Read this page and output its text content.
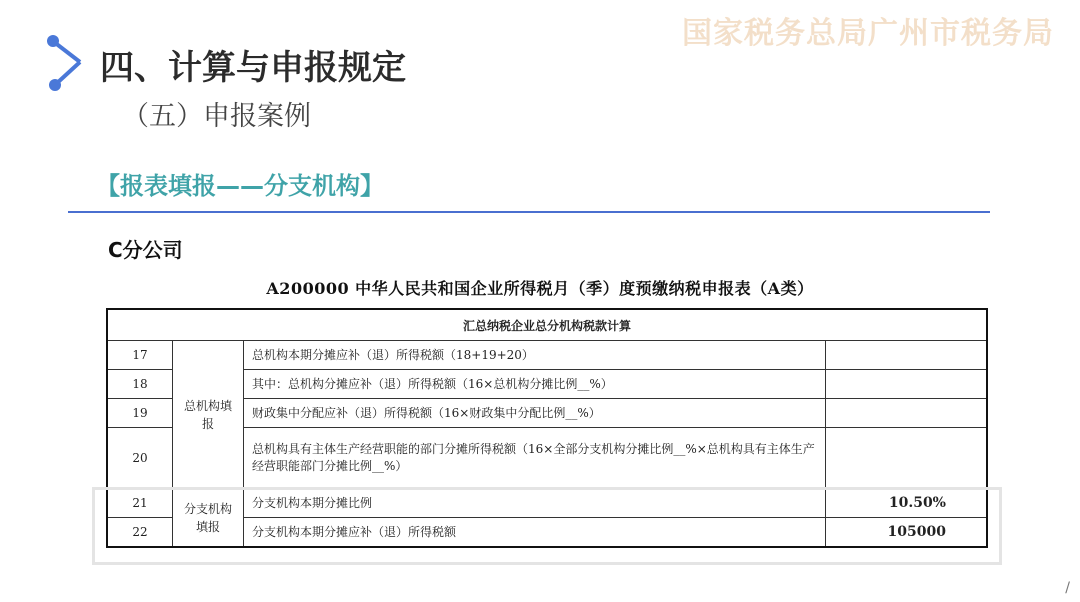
国家税务总局广州市税务局
四、计算与申报规定
（五）申报案例
【报表填报——分支机构】
C分公司
A200000 中华人民共和国企业所得税月（季）度预缴纳税申报表（A类）
汇总纳税企业总分机构税款计算			
17	总机构填报	总机构本期分摊应补（退）所得税额（18+19+20）	
18		其中：总机构分摊应补（退）所得税额（16×总机构分摊比例__%）	
19		财政集中分配应补（退）所得税额（16×财政集中分配比例__%）	
20		总机构具有主体生产经营职能的部门分摊所得税额（16×全部分支机构分摊比例__%×总机构具有主体生产经营职能部门分摊比例__%）	
21	分支机构填报	分支机构本期分摊比例	10.50%
22		分支机构本期分摊应补（退）所得税额	105000
/
